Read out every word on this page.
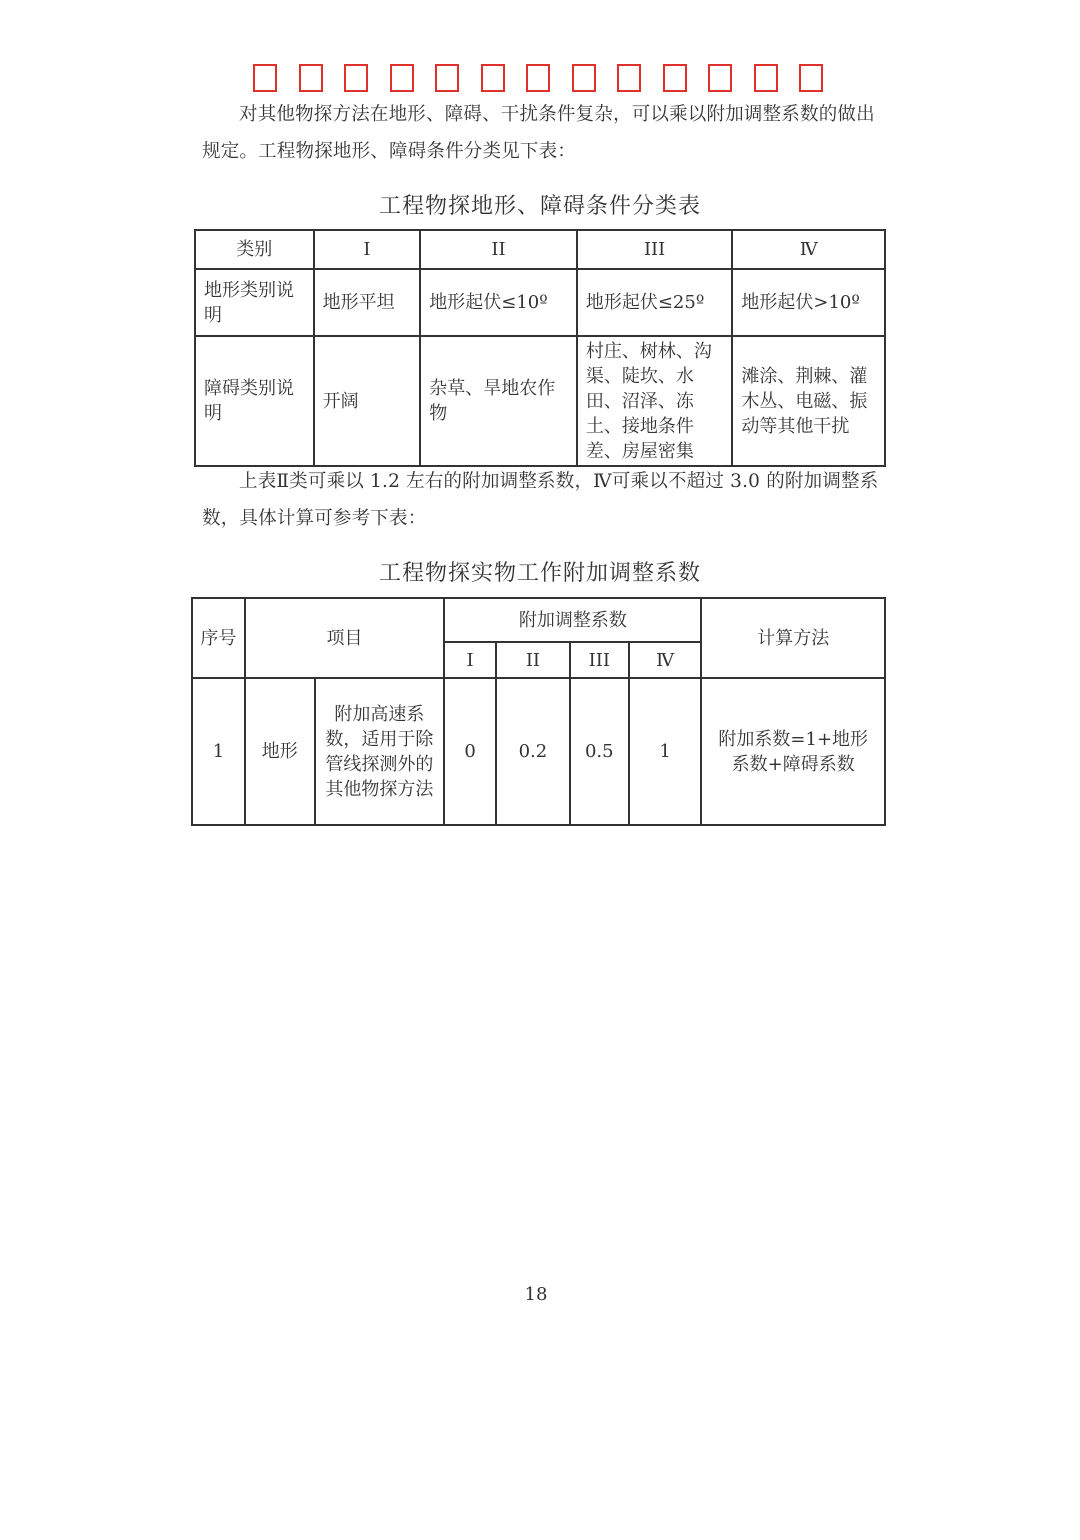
对其他物探方法在地形、障碍、干扰条件复杂，可以乘以附加调整系数的做出规定。工程物探地形、障碍条件分类见下表：

工程物探地形、障碍条件分类表
类别	I	II	III	Ⅳ
地形类别说明	地形平坦	地形起伏≤10º	地形起伏≤25º	地形起伏>10º
障碍类别说明	开阔	杂草、旱地农作物	村庄、树林、沟渠、陡坎、水田、沼泽、冻土、接地条件差、房屋密集	滩涂、荆棘、灌木丛、电磁、振动等其他干扰

上表Ⅱ类可乘以 1.2 左右的附加调整系数，Ⅳ可乘以不超过 3.0 的附加调整系数，具体计算可参考下表：

工程物探实物工作附加调整系数
序号	项目		附加调整系数				计算方法
			I	II	III	Ⅳ	
1	地形	附加高速系数，适用于除管线探测外的其他物探方法	0	0.2	0.5	1	附加系数=1+地形系数+障碍系数
18
